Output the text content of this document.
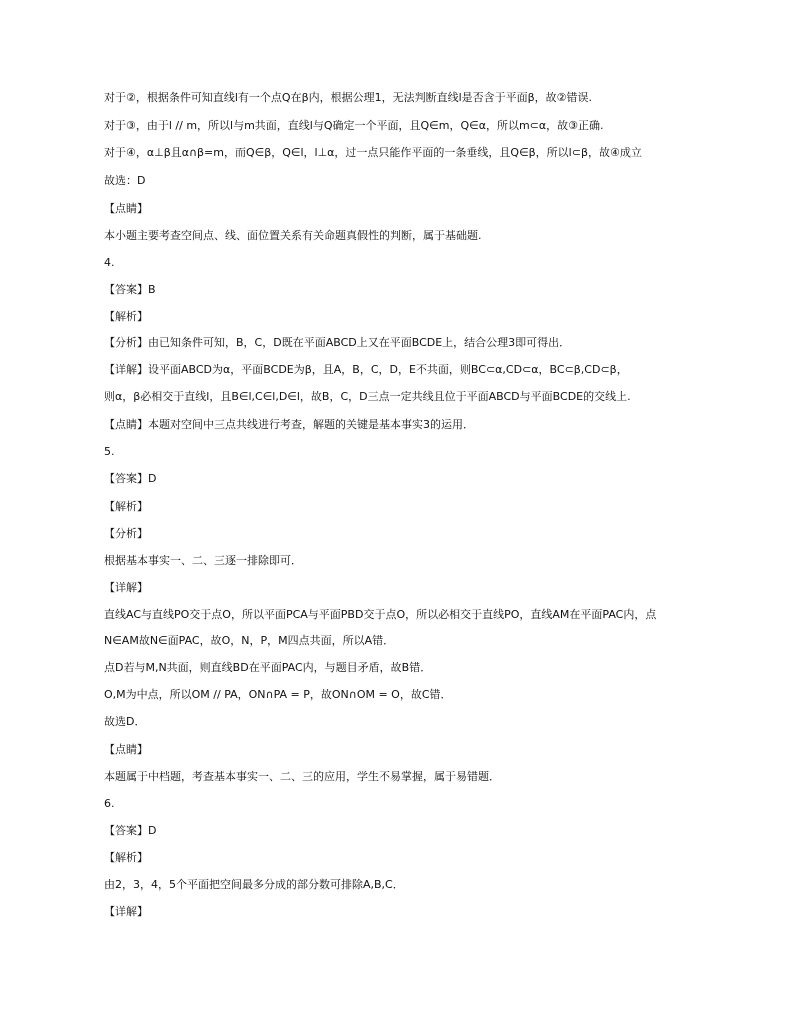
对于②，根据条件可知直线l有一个点Q在β内，根据公理1，无法判断直线l是否含于平面β，故②错误.
对于③，由于l // m，所以l与m共面，直线l与Q确定一个平面，且Q∈m，Q∈α，所以m⊂α，故③正确.
对于④，α⊥β且α∩β=m，而Q∈β，Q∈l，l⊥α，过一点只能作平面的一条垂线，且Q∈β，所以l⊂β，故④成立
故选：D
【点睛】
本小题主要考查空间点、线、面位置关系有关命题真假性的判断，属于基础题.
4.
【答案】B
【解析】
【分析】由已知条件可知，B，C，D既在平面ABCD上又在平面BCDE上，结合公理3即可得出．
【详解】设平面ABCD为α，平面BCDE为β，且A，B，C，D，E不共面，则BC⊂α,CD⊂α，BC⊂β,CD⊂β，
则α，β必相交于直线l，且B∈l,C∈l,D∈l，故B，C，D三点一定共线且位于平面ABCD与平面BCDE的交线上.
【点睛】本题对空间中三点共线进行考查，解题的关键是基本事实3的运用．
5.
【答案】D
【解析】
【分析】
根据基本事实一、二、三逐一排除即可．
【详解】
直线AC与直线PO交于点O，所以平面PCA与平面PBD交于点O，所以必相交于直线PO，直线AM在平面PAC内，点
N∈AM故N∈面PAC，故O，N，P，M四点共面，所以A错．
点D若与M,N共面，则直线BD在平面PAC内，与题目矛盾，故B错．
O,M为中点，所以OM // PA，ON∩PA = P，故ON∩OM = O，故C错．
故选D．
【点睛】
本题属于中档题，考查基本事实一、二、三的应用，学生不易掌握，属于易错题．
6.
【答案】D
【解析】
由2，3，4，5个平面把空间最多分成的部分数可排除A,B,C．
【详解】
